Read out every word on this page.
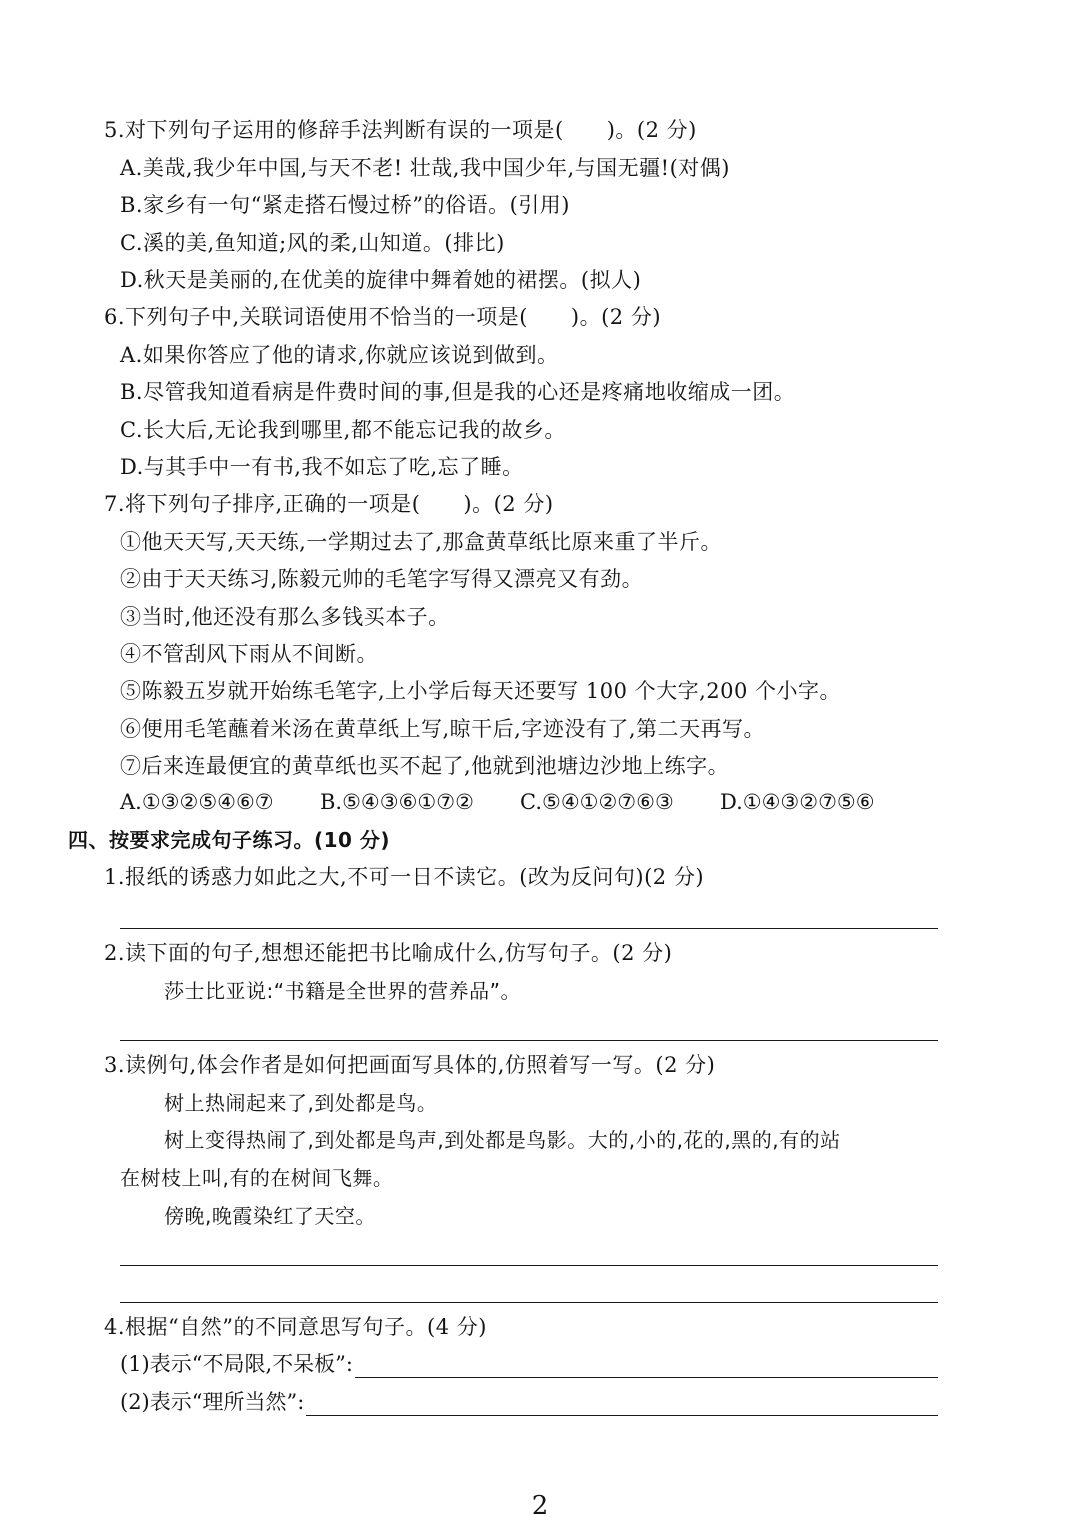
5.对下列句子运用的修辞手法判断有误的一项是(　　)。(2 分)
A.美哉,我少年中国,与天不老! 壮哉,我中国少年,与国无疆!(对偶)
B.家乡有一句“紧走搭石慢过桥”的俗语。(引用)
C.溪的美,鱼知道;风的柔,山知道。(排比)
D.秋天是美丽的,在优美的旋律中舞着她的裙摆。(拟人)
6.下列句子中,关联词语使用不恰当的一项是(　　)。(2 分)
A.如果你答应了他的请求,你就应该说到做到。
B.尽管我知道看病是件费时间的事,但是我的心还是疼痛地收缩成一团。
C.长大后,无论我到哪里,都不能忘记我的故乡。
D.与其手中一有书,我不如忘了吃,忘了睡。
7.将下列句子排序,正确的一项是(　　)。(2 分)
①他天天写,天天练,一学期过去了,那盒黄草纸比原来重了半斤。
②由于天天练习,陈毅元帅的毛笔字写得又漂亮又有劲。
③当时,他还没有那么多钱买本子。
④不管刮风下雨从不间断。
⑤陈毅五岁就开始练毛笔字,上小学后每天还要写 100 个大字,200 个小字。
⑥便用毛笔蘸着米汤在黄草纸上写,晾干后,字迹没有了,第二天再写。
⑦后来连最便宜的黄草纸也买不起了,他就到池塘边沙地上练字。
A.①③②⑤④⑥⑦ B.⑤④③⑥①⑦② C.⑤④①②⑦⑥③ D.①④③②⑦⑤⑥
四、按要求完成句子练习。(10 分)
1.报纸的诱惑力如此之大,不可一日不读它。(改为反问句)(2 分)
2.读下面的句子,想想还能把书比喻成什么,仿写句子。(2 分)
莎士比亚说:“书籍是全世界的营养品”。
3.读例句,体会作者是如何把画面写具体的,仿照着写一写。(2 分)
树上热闹起来了,到处都是鸟。
树上变得热闹了,到处都是鸟声,到处都是鸟影。大的,小的,花的,黑的,有的站
在树枝上叫,有的在树间飞舞。
傍晚,晚霞染红了天空。
4.根据“自然”的不同意思写句子。(4 分)
(1)表示“不局限,不呆板”:
(2)表示“理所当然”:
2
